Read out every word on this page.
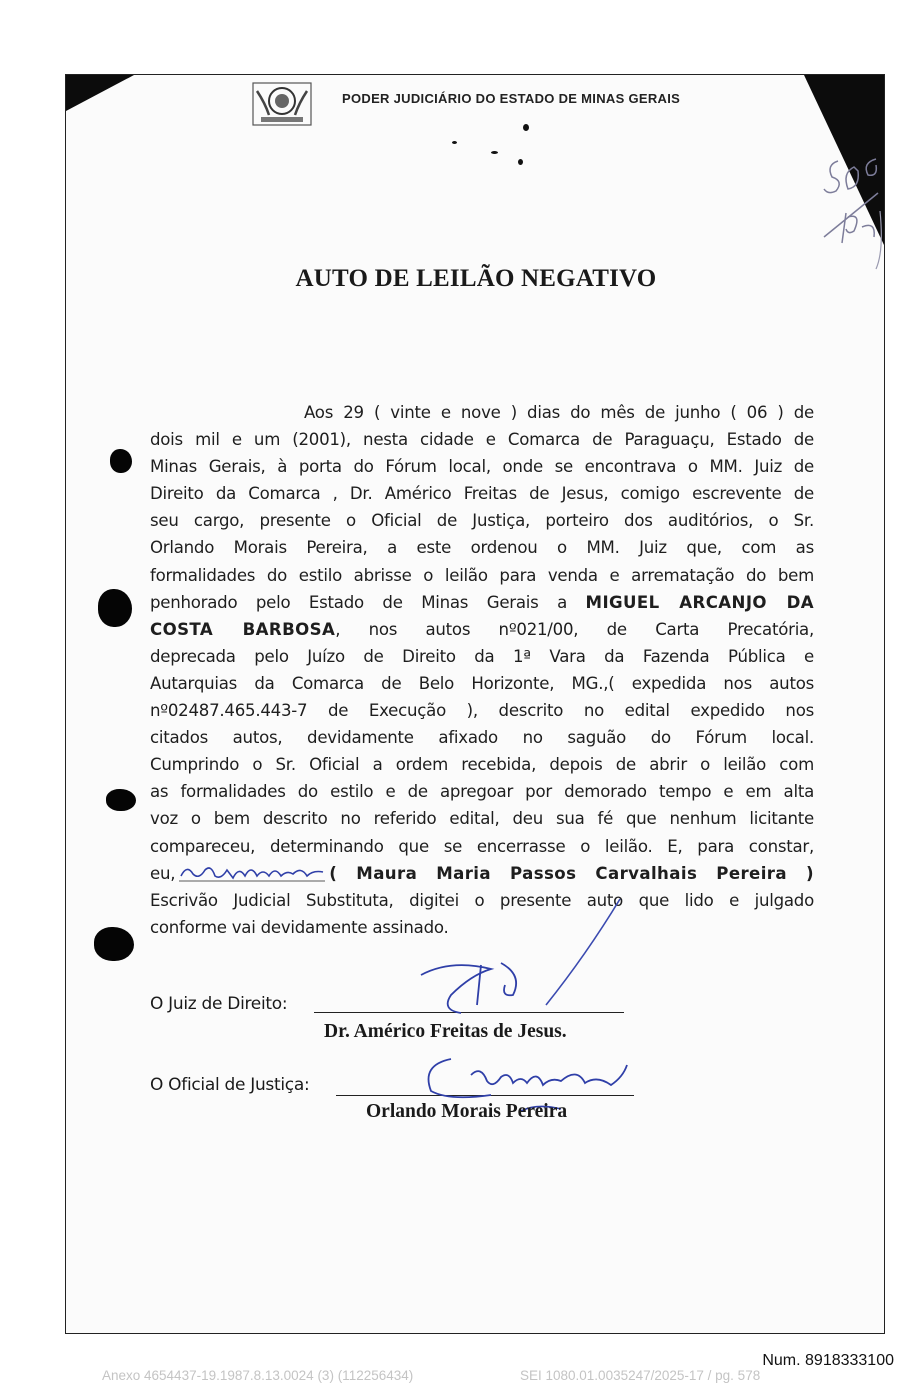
PODER JUDICIÁRIO DO ESTADO DE MINAS GERAIS
AUTO DE LEILÃO NEGATIVO
Aos 29 ( vinte e nove ) dias do mês de junho ( 06 ) de
dois mil e um (2001), nesta cidade e Comarca de Paraguaçu, Estado de
Minas Gerais, à porta do Fórum local, onde se encontrava o MM. Juiz de
Direito da Comarca , Dr. Américo Freitas de Jesus, comigo escrevente de
seu cargo, presente o Oficial de Justiça, porteiro dos auditórios, o Sr.
Orlando Morais Pereira, a este ordenou o MM. Juiz que, com as
formalidades do estilo abrisse o leilão para venda e arrematação do bem
penhorado pelo Estado de Minas Gerais a MIGUEL ARCANJO DA
COSTA BARBOSA, nos autos nº021/00, de Carta Precatória,
deprecada pelo Juízo de Direito da 1ª Vara da Fazenda Pública e
Autarquias da Comarca de Belo Horizonte, MG.,( expedida nos autos
nº02487.465.443-7 de Execução ), descrito no edital expedido nos
citados autos, devidamente afixado no saguão do Fórum local.
Cumprindo o Sr. Oficial a ordem recebida, depois de abrir o leilão com
as formalidades do estilo e de apregoar por demorado tempo e em alta
voz o bem descrito no referido edital, deu sua fé que nenhum licitante
compareceu, determinando que se encerrasse o leilão. E, para constar,
eu,	( Maura Maria Passos Carvalhais Pereira )
Escrivão Judicial Substituta, digitei o presente auto que lido e julgado
conforme vai devidamente assinado.
O Juiz de Direito:
Dr. Américo Freitas de Jesus.
O Oficial de Justiça:
Orlando Morais Pereira
Num. 8918333100
Anexo 4654437-19.1987.8.13.0024 (3) (112256434)	SEI 1080.01.0035247/2025-17 / pg. 578
